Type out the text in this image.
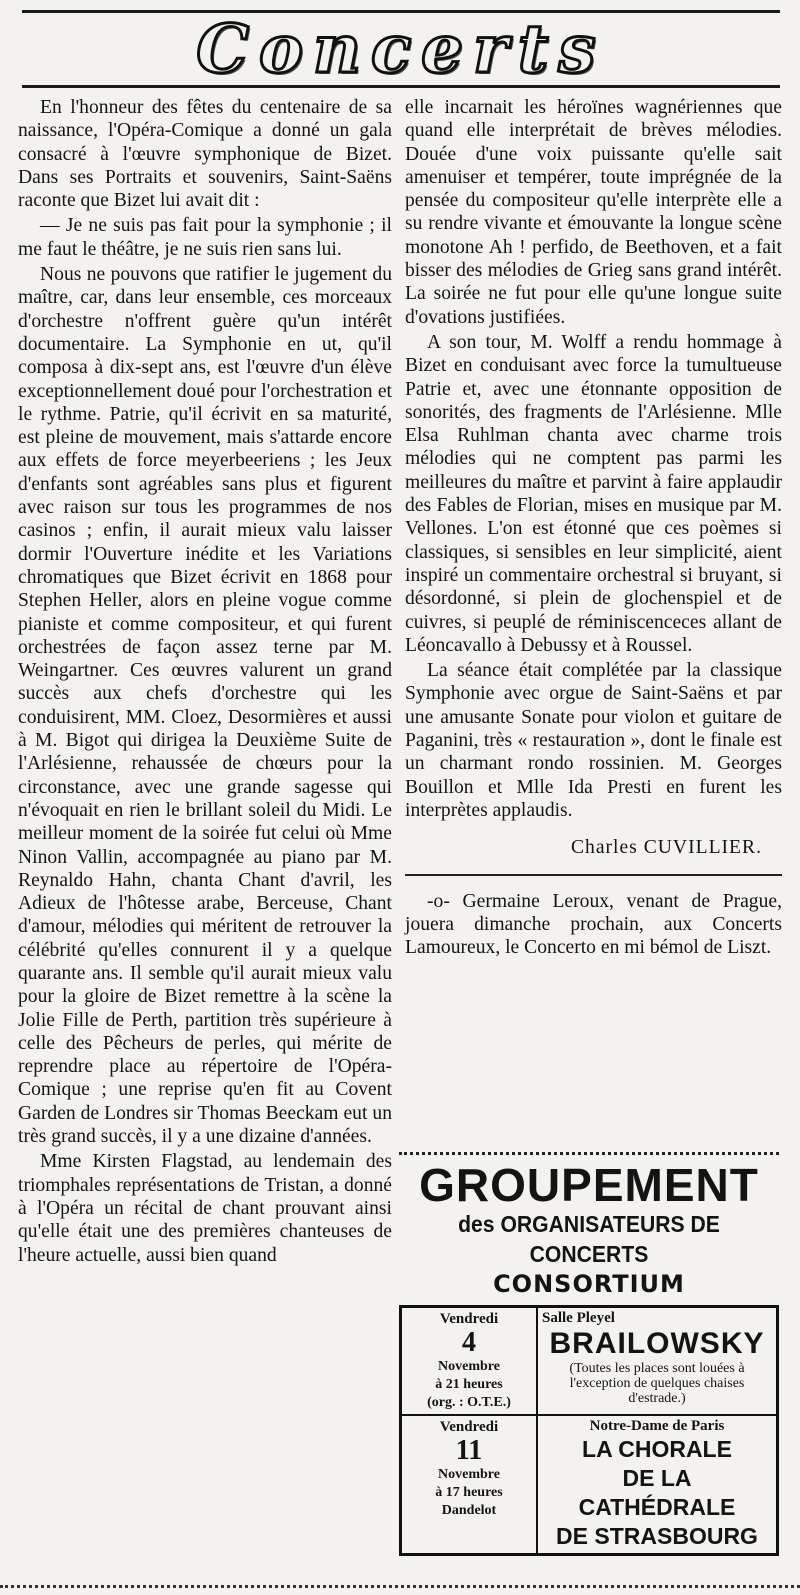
Concerts

En l'honneur des fêtes du centenaire de sa naissance, l'Opéra-Comique a donné un gala consacré à l'œuvre symphonique de Bizet. Dans ses Portraits et souvenirs, Saint-Saëns raconte que Bizet lui avait dit :

— Je ne suis pas fait pour la symphonie ; il me faut le théâtre, je ne suis rien sans lui.

Nous ne pouvons que ratifier le jugement du maître, car, dans leur ensemble, ces morceaux d'orchestre n'offrent guère qu'un intérêt documentaire. La Symphonie en ut, qu'il composa à dix-sept ans, est l'œuvre d'un élève exceptionnellement doué pour l'orchestration et le rythme. Patrie, qu'il écrivit en sa maturité, est pleine de mouvement, mais s'attarde encore aux effets de force meyerbeeriens ; les Jeux d'enfants sont agréables sans plus et figurent avec raison sur tous les programmes de nos casinos ; enfin, il aurait mieux valu laisser dormir l'Ouverture inédite et les Variations chromatiques que Bizet écrivit en 1868 pour Stephen Heller, alors en pleine vogue comme pianiste et comme compositeur, et qui furent orchestrées de façon assez terne par M. Weingartner. Ces œuvres valurent un grand succès aux chefs d'orchestre qui les conduisirent, MM. Cloez, Desormières et aussi à M. Bigot qui dirigea la Deuxième Suite de l'Arlésienne, rehaussée de chœurs pour la circonstance, avec une grande sagesse qui n'évoquait en rien le brillant soleil du Midi. Le meilleur moment de la soirée fut celui où Mme Ninon Vallin, accompagnée au piano par M. Reynaldo Hahn, chanta Chant d'avril, les Adieux de l'hôtesse arabe, Berceuse, Chant d'amour, mélodies qui méritent de retrouver la célébrité qu'elles connurent il y a quelque quarante ans. Il semble qu'il aurait mieux valu pour la gloire de Bizet remettre à la scène la Jolie Fille de Perth, partition très supérieure à celle des Pêcheurs de perles, qui mérite de reprendre place au répertoire de l'Opéra-Comique ; une reprise qu'en fit au Covent Garden de Londres sir Thomas Beeckam eut un très grand succès, il y a une dizaine d'années.

Mme Kirsten Flagstad, au lendemain des triomphales représentations de Tristan, a donné à l'Opéra un récital de chant prouvant ainsi qu'elle était une des premières chanteuses de l'heure actuelle, aussi bien quand

elle incarnait les héroïnes wagnériennes que quand elle interprétait de brèves mélodies. Douée d'une voix puissante qu'elle sait amenuiser et tempérer, toute imprégnée de la pensée du compositeur qu'elle interprète elle a su rendre vivante et émouvante la longue scène monotone Ah ! perfido, de Beethoven, et a fait bisser des mélodies de Grieg sans grand intérêt. La soirée ne fut pour elle qu'une longue suite d'ovations justifiées.

A son tour, M. Wolff a rendu hommage à Bizet en conduisant avec force la tumultueuse Patrie et, avec une étonnante opposition de sonorités, des fragments de l'Arlésienne. Mlle Elsa Ruhlman chanta avec charme trois mélodies qui ne comptent pas parmi les meilleures du maître et parvint à faire applaudir des Fables de Florian, mises en musique par M. Vellones. L'on est étonné que ces poèmes si classiques, si sensibles en leur simplicité, aient inspiré un commentaire orchestral si bruyant, si désordonné, si plein de glochenspiel et de cuivres, si peuplé de réminiscenceces allant de Léoncavallo à Debussy et à Roussel.

La séance était complétée par la classique Symphonie avec orgue de Saint-Saëns et par une amusante Sonate pour violon et guitare de Paganini, très « restauration », dont le finale est un charmant rondo rossinien. M. Georges Bouillon et Mlle Ida Presti en furent les interprètes applaudis.

Charles CUVILLIER.

-o- Germaine Leroux, venant de Prague, jouera dimanche prochain, aux Concerts Lamoureux, le Concerto en mi bémol de Liszt.

GROUPEMENT
des ORGANISATEURS DE CONCERTS
CONSORTIUM
Vendredi
4
Novembre
à 21 heures
(org. : O.T.E.)
Salle Pleyel
BRAILOWSKY
(Toutes les places sont louées à l'exception de quelques chaises d'estrade.)
Vendredi
11
Novembre
à 17 heures
Dandelot
Notre-Dame de Paris
LA CHORALE
DE LA CATHÉDRALE
DE STRASBOURG
